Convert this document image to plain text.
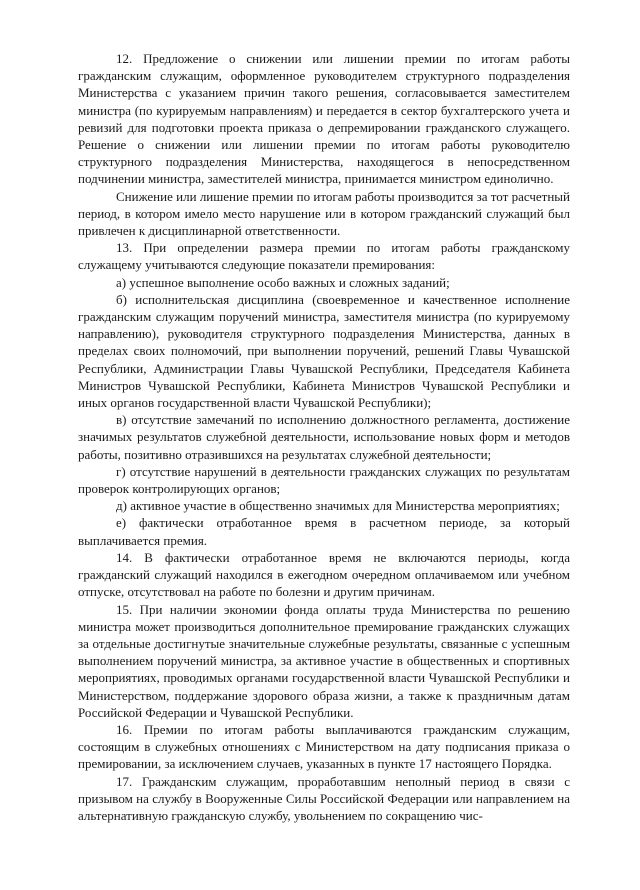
12. Предложение о снижении или лишении премии по итогам работы гражданским служащим, оформленное руководителем структурного подразделения Министерства с указанием причин такого решения, согласовывается заместителем министра (по курируемым направлениям) и передается в сектор бухгалтерского учета и ревизий для подготовки проекта приказа о депремировании гражданского служащего. Решение о снижении или лишении премии по итогам работы руководителю структурного подразделения Министерства, находящегося в непосредственном подчинении министра, заместителей министра, принимается министром единолично.

Снижение или лишение премии по итогам работы производится за тот расчетный период, в котором имело место нарушение или в котором гражданский служащий был привлечен к дисциплинарной ответственности.

13. При определении размера премии по итогам работы гражданскому служащему учитываются следующие показатели премирования:

а) успешное выполнение особо важных и сложных заданий;

б) исполнительская дисциплина (своевременное и качественное исполнение гражданским служащим поручений министра, заместителя министра (по курируемому направлению), руководителя структурного подразделения Министерства, данных в пределах своих полномочий, при выполнении поручений, решений Главы Чувашской Республики, Администрации Главы Чувашской Республики, Председателя Кабинета Министров Чувашской Республики, Кабинета Министров Чувашской Республики и иных органов государственной власти Чувашской Республики);

в) отсутствие замечаний по исполнению должностного регламента, достижение значимых результатов служебной деятельности, использование новых форм и методов работы, позитивно отразившихся на результатах служебной деятельности;

г) отсутствие нарушений в деятельности гражданских служащих по результатам проверок контролирующих органов;

д) активное участие в общественно значимых для Министерства мероприятиях;

е) фактически отработанное время в расчетном периоде, за который выплачивается премия.

14. В фактически отработанное время не включаются периоды, когда гражданский служащий находился в ежегодном очередном оплачиваемом или учебном отпуске, отсутствовал на работе по болезни и другим причинам.

15. При наличии экономии фонда оплаты труда Министерства по решению министра может производиться дополнительное премирование гражданских служащих за отдельные достигнутые значительные служебные результаты, связанные с успешным выполнением поручений министра, за активное участие в общественных и спортивных мероприятиях, проводимых органами государственной власти Чувашской Республики и Министерством, поддержание здорового образа жизни, а также к праздничным датам Российской Федерации и Чувашской Республики.

16. Премии по итогам работы выплачиваются гражданским служащим, состоящим в служебных отношениях с Министерством на дату подписания приказа о премировании, за исключением случаев, указанных в пункте 17 настоящего Порядка.

17. Гражданским служащим, проработавшим неполный период в связи с призывом на службу в Вооруженные Силы Российской Федерации или направлением на альтернативную гражданскую службу, увольнением по сокращению чис-
